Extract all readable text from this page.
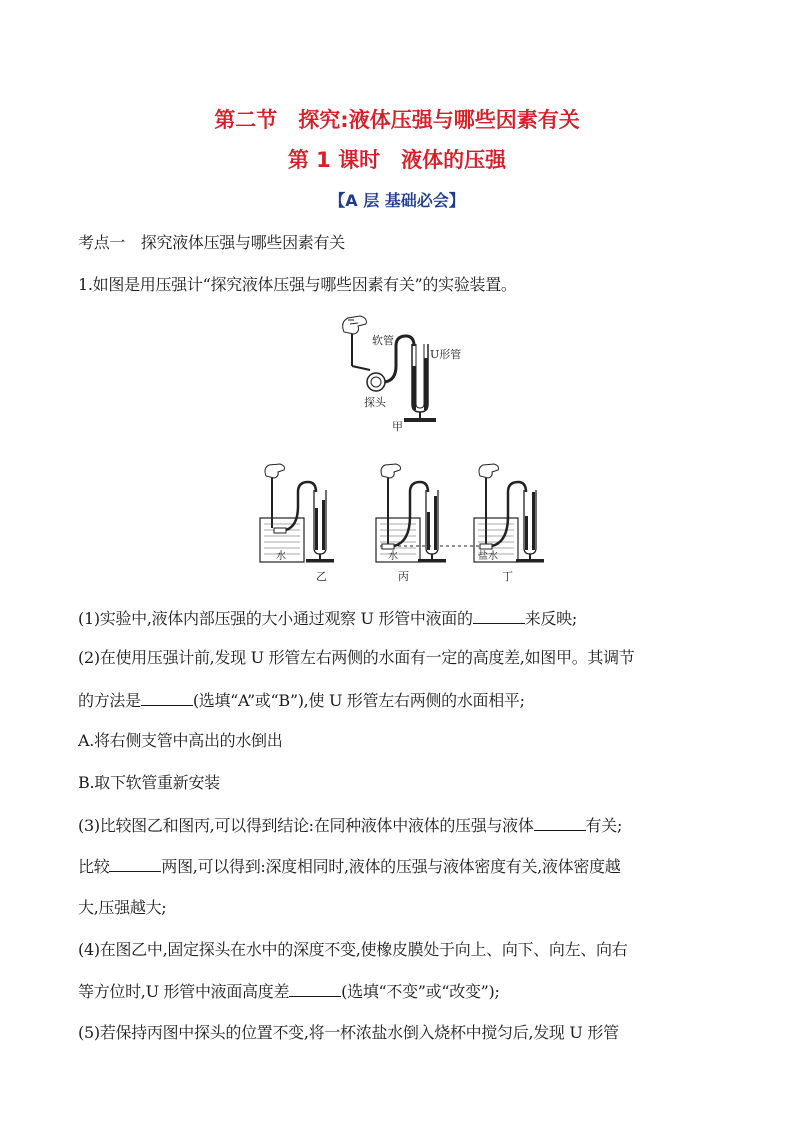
第二节　探究:液体压强与哪些因素有关
第 1 课时　液体的压强
【A 层 基础必会】
考点一　探究液体压强与哪些因素有关
1.如图是用压强计“探究液体压强与哪些因素有关”的实验装置。
软管
U形管
探头
甲
水
乙
水
丙
盐水
丁
(1)实验中,液体内部压强的大小通过观察 U 形管中液面的	来反映;
(2)在使用压强计前,发现 U 形管左右两侧的水面有一定的高度差,如图甲。其调节
的方法是	(选填“A”或“B”),使 U 形管左右两侧的水面相平;
A.将右侧支管中高出的水倒出
B.取下软管重新安装
(3)比较图乙和图丙,可以得到结论:在同种液体中液体的压强与液体	有关;
比较	两图,可以得到:深度相同时,液体的压强与液体密度有关,液体密度越
大,压强越大;
(4)在图乙中,固定探头在水中的深度不变,使橡皮膜处于向上、向下、向左、向右
等方位时,U 形管中液面高度差	(选填“不变”或“改变”);
(5)若保持丙图中探头的位置不变,将一杯浓盐水倒入烧杯中搅匀后,发现 U 形管
